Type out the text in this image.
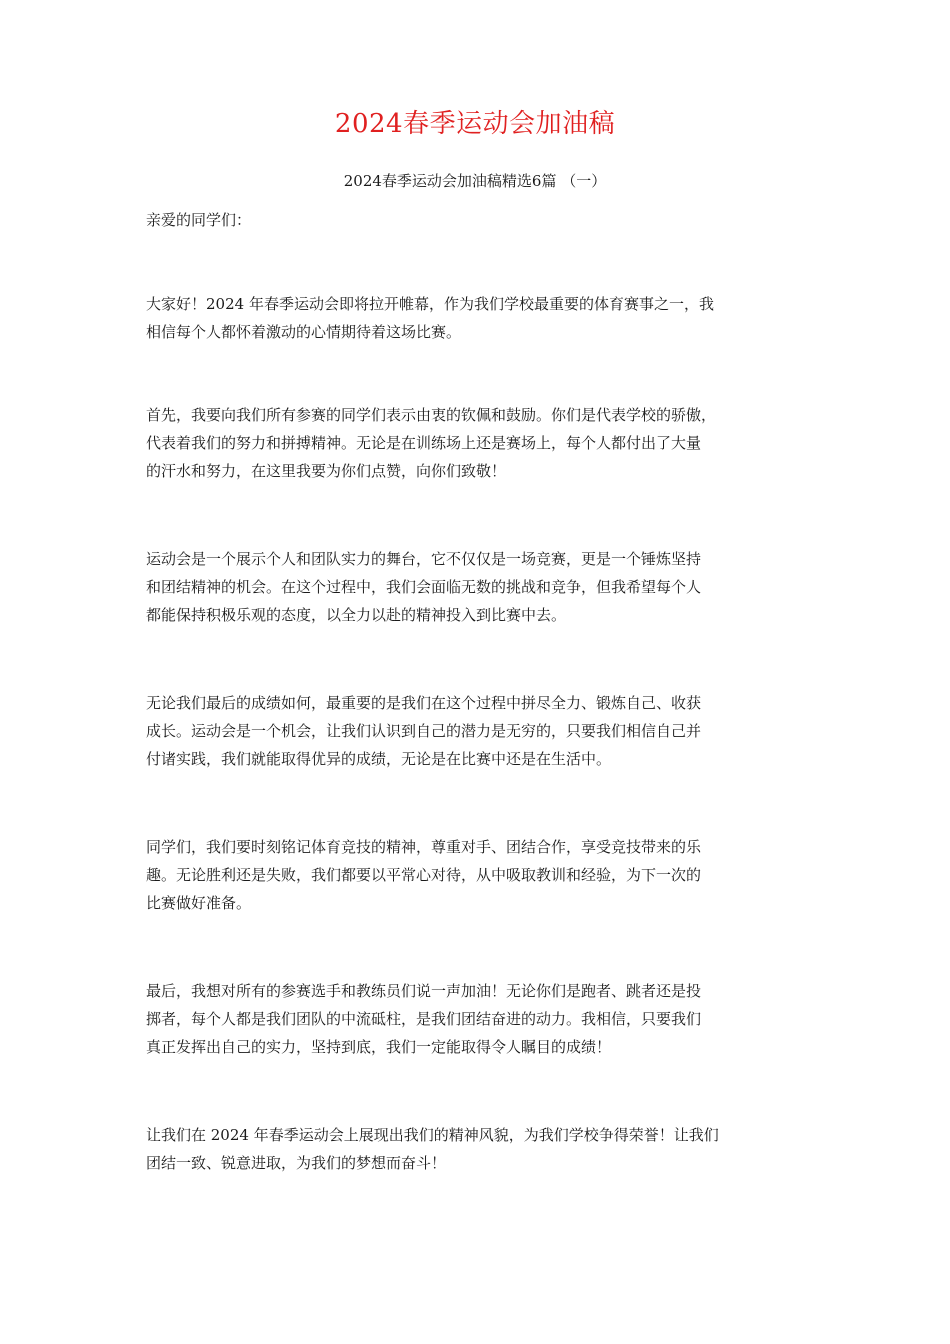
2024春季运动会加油稿
2024春季运动会加油稿精选6篇 （一）
亲爱的同学们：
大家好！2024 年春季运动会即将拉开帷幕，作为我们学校最重要的体育赛事之一，我
相信每个人都怀着激动的心情期待着这场比赛。
首先，我要向我们所有参赛的同学们表示由衷的钦佩和鼓励。你们是代表学校的骄傲，
代表着我们的努力和拼搏精神。无论是在训练场上还是赛场上，每个人都付出了大量
的汗水和努力，在这里我要为你们点赞，向你们致敬！
运动会是一个展示个人和团队实力的舞台，它不仅仅是一场竞赛，更是一个锤炼坚持
和团结精神的机会。在这个过程中，我们会面临无数的挑战和竞争，但我希望每个人
都能保持积极乐观的态度，以全力以赴的精神投入到比赛中去。
无论我们最后的成绩如何，最重要的是我们在这个过程中拼尽全力、锻炼自己、收获
成长。运动会是一个机会，让我们认识到自己的潜力是无穷的，只要我们相信自己并
付诸实践，我们就能取得优异的成绩，无论是在比赛中还是在生活中。
同学们，我们要时刻铭记体育竞技的精神，尊重对手、团结合作，享受竞技带来的乐
趣。无论胜利还是失败，我们都要以平常心对待，从中吸取教训和经验，为下一次的
比赛做好准备。
最后，我想对所有的参赛选手和教练员们说一声加油！无论你们是跑者、跳者还是投
掷者，每个人都是我们团队的中流砥柱，是我们团结奋进的动力。我相信，只要我们
真正发挥出自己的实力，坚持到底，我们一定能取得令人瞩目的成绩！
让我们在 2024 年春季运动会上展现出我们的精神风貌，为我们学校争得荣誉！让我们
团结一致、锐意进取，为我们的梦想而奋斗！
